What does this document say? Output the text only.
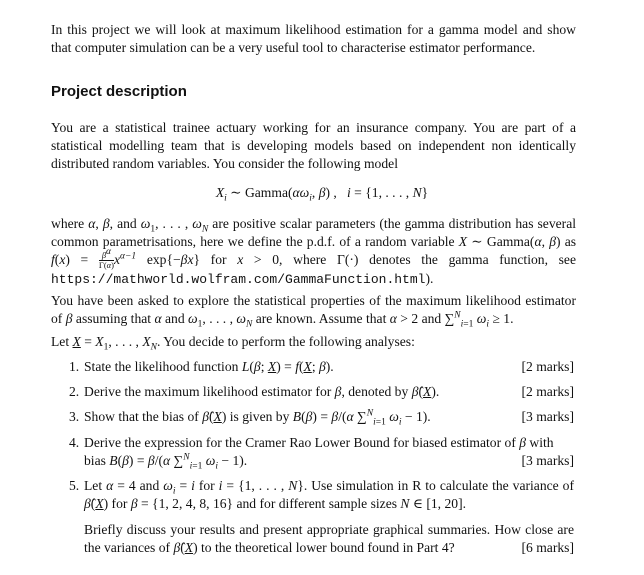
In this project we will look at maximum likelihood estimation for a gamma model and show that computer simulation can be a very useful tool to characterise estimator performance.

Project description

You are a statistical trainee actuary working for an insurance company. You are part of a statistical modelling team that is developing models based on independent non identically distributed random variables. You consider the following model

$X_i$ ∼ $Gamma(\alpha\omega_i$, β) ,   i = {1, . . . , N}

where α, β, and $\omega_1$, . . . , $\omega_N$ are positive scalar parameters (the gamma distribution has several common parametrisations, here we define the p.d.f. of a random variable X ∼ Gamma(α, β) as $f(x) = \frac{\beta^\alpha}{\Gamma(\alpha)} x^{\alpha-1}$ exp{−βx} for x > 0, where Γ(·) denotes the gamma function, see https://mathworld.wolfram.com/GammaFunction.html).

You have been asked to explore the statistical properties of the maximum likelihood estimator of β assuming that α and $\omega_1$, . . . , $\omega_N$ are known. Assume that α > 2 and ∑$^N_{i=1}$ $\omega_i \ge 1$.

Let $X = X_1$, . . . , $X_N$. You decide to perform the following analyses:

1. State the likelihood function L(β; X) = f(X; β).	[2 marks]
2. Derive the maximum likelihood estimator for β, denoted by β̂(X).	[2 marks]
3. Show that the bias of β̂(X) is given by B(β) = β/(α ∑$^N_{i=1}$ $\omega_i - 1$).	[3 marks]
4. Derive the expression for the Cramer Rao Lower Bound for biased estimator of β with
bias B(β) = β/(α ∑$^N_{i=1}$ $\omega_i - 1$).	[3 marks]
5. Let α = 4 and $\omega_i = i$ for i = {1, . . . , N}. Use simulation in R to calculate the variance of β̂(X) for β = {1, 2, 4, 8, 16} and for different sample sizes N ∈ [1, 20].
Briefly discuss your results and present appropriate graphical summaries. How close are the variances of β̂(X) to the theoretical lower bound found in Part 4?	[6 marks]
